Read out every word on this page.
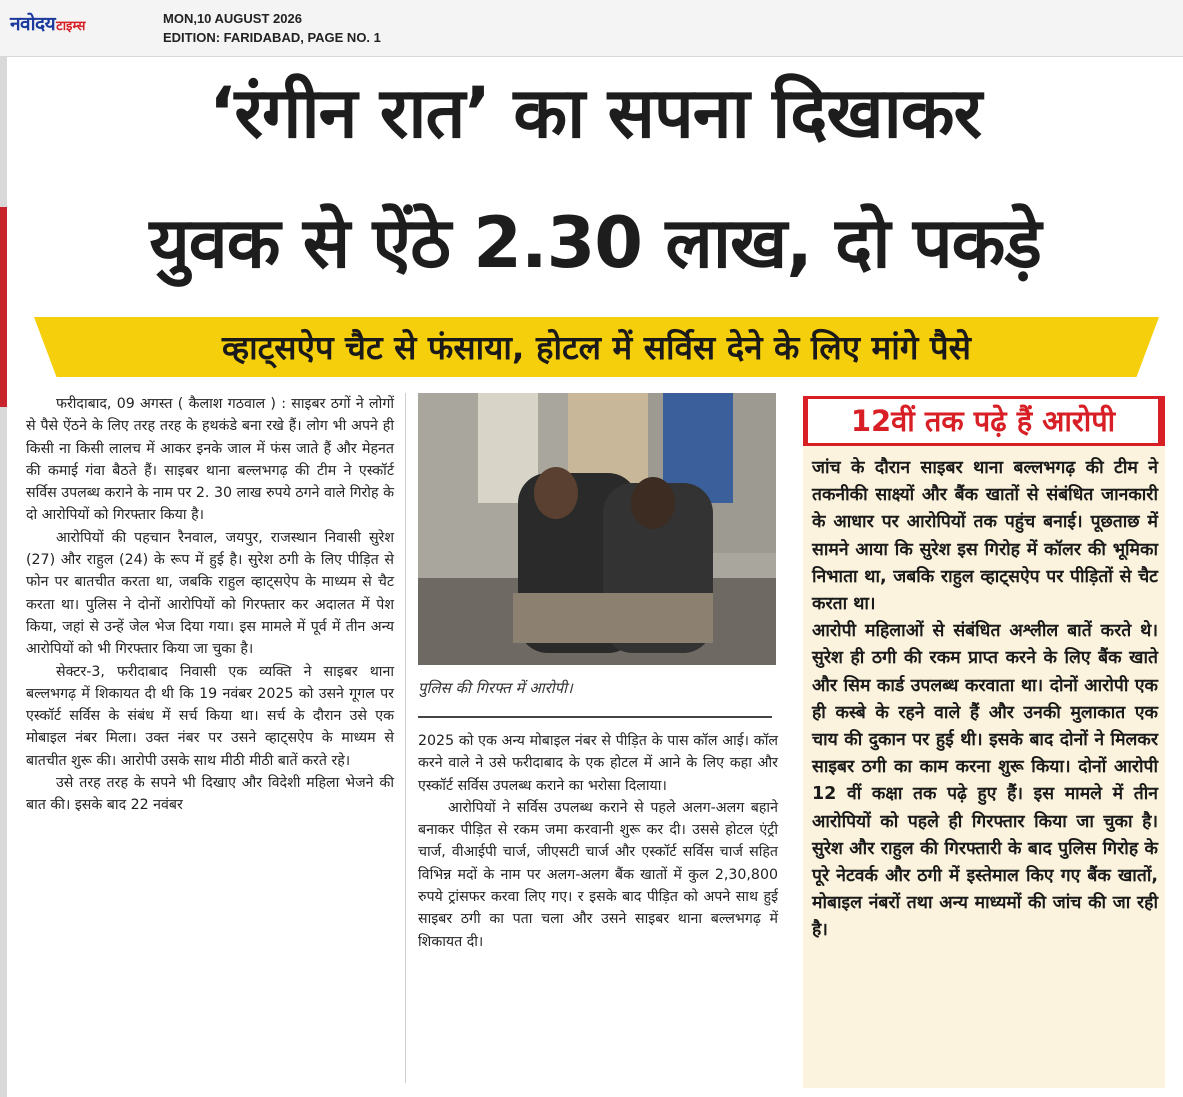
नवोदय टाइम्स
MON,10 AUGUST 2026
EDITION: FARIDABAD, PAGE NO. 1
‘रंगीन रात’ का सपना दिखाकर
युवक से ऐंठे 2.30 लाख, दो पकड़े
व्हाट्सऐप चैट से फंसाया, होटल में सर्विस देने के लिए मांगे पैसे

फरीदाबाद, 09 अगस्त ( कैलाश गठवाल ) : साइबर ठगों ने लोगों से पैसे ऐंठने के लिए तरह तरह के हथकंडे बना रखे हैं। लोग भी अपने ही किसी ना किसी लालच में आकर इनके जाल में फंस जाते हैं और मेहनत की कमाई गंवा बैठते हैं। साइबर थाना बल्लभगढ़ की टीम ने एस्कॉर्ट सर्विस उपलब्ध कराने के नाम पर 2. 30 लाख रुपये ठगने वाले गिरोह के दो आरोपियों को गिरफ्तार किया है।

आरोपियों की पहचान रैनवाल, जयपुर, राजस्थान निवासी सुरेश (27) और राहुल (24) के रूप में हुई है। सुरेश ठगी के लिए पीड़ित से फोन पर बातचीत करता था, जबकि राहुल व्हाट्सऐप के माध्यम से चैट करता था। पुलिस ने दोनों आरोपियों को गिरफ्तार कर अदालत में पेश किया, जहां से उन्हें जेल भेज दिया गया। इस मामले में पूर्व में तीन अन्य आरोपियों को भी गिरफ्तार किया जा चुका है।

सेक्टर-3, फरीदाबाद निवासी एक व्यक्ति ने साइबर थाना बल्लभगढ़ में शिकायत दी थी कि 19 नवंबर 2025 को उसने गूगल पर एस्कॉर्ट सर्विस के संबंध में सर्च किया था। सर्च के दौरान उसे एक मोबाइल नंबर मिला। उक्त नंबर पर उसने व्हाट्सऐप के माध्यम से बातचीत शुरू की। आरोपी उसके साथ मीठी मीठी बातें करते रहे।

उसे तरह तरह के सपने भी दिखाए और विदेशी महिला भेजने की बात की। इसके बाद 22 नवंबर

पुलिस की गिरफ्त में आरोपी।

2025 को एक अन्य मोबाइल नंबर से पीड़ित के पास कॉल आई। कॉल करने वाले ने उसे फरीदाबाद के एक होटल में आने के लिए कहा और एस्कॉर्ट सर्विस उपलब्ध कराने का भरोसा दिलाया।

आरोपियों ने सर्विस उपलब्ध कराने से पहले अलग-अलग बहाने बनाकर पीड़ित से रकम जमा करवानी शुरू कर दी। उससे होटल एंट्री चार्ज, वीआईपी चार्ज, जीएसटी चार्ज और एस्कॉर्ट सर्विस चार्ज सहित विभिन्न मदों के नाम पर अलग-अलग बैंक खातों में कुल 2,30,800 रुपये ट्रांसफर करवा लिए गए। र इसके बाद पीड़ित को अपने साथ हुई साइबर ठगी का पता चला और उसने साइबर थाना बल्लभगढ़ में शिकायत दी।

12वीं तक पढ़े हैं आरोपी

जांच के दौरान साइबर थाना बल्लभगढ़ की टीम ने तकनीकी साक्ष्यों और बैंक खातों से संबंधित जानकारी के आधार पर आरोपियों तक पहुंच बनाई। पूछताछ में सामने आया कि सुरेश इस गिरोह में कॉलर की भूमिका निभाता था, जबकि राहुल व्हाट्सऐप पर पीड़ितों से चैट करता था।

आरोपी महिलाओं से संबंधित अश्लील बातें करते थे। सुरेश ही ठगी की रकम प्राप्त करने के लिए बैंक खाते और सिम कार्ड उपलब्ध करवाता था। दोनों आरोपी एक ही कस्बे के रहने वाले हैं और उनकी मुलाकात एक चाय की दुकान पर हुई थी। इसके बाद दोनों ने मिलकर साइबर ठगी का काम करना शुरू किया। दोनों आरोपी 12 वीं कक्षा तक पढ़े हुए हैं। इस मामले में तीन आरोपियों को पहले ही गिरफ्तार किया जा चुका है। सुरेश और राहुल की गिरफ्तारी के बाद पुलिस गिरोह के पूरे नेटवर्क और ठगी में इस्तेमाल किए गए बैंक खातों, मोबाइल नंबरों तथा अन्य माध्यमों की जांच की जा रही है।
